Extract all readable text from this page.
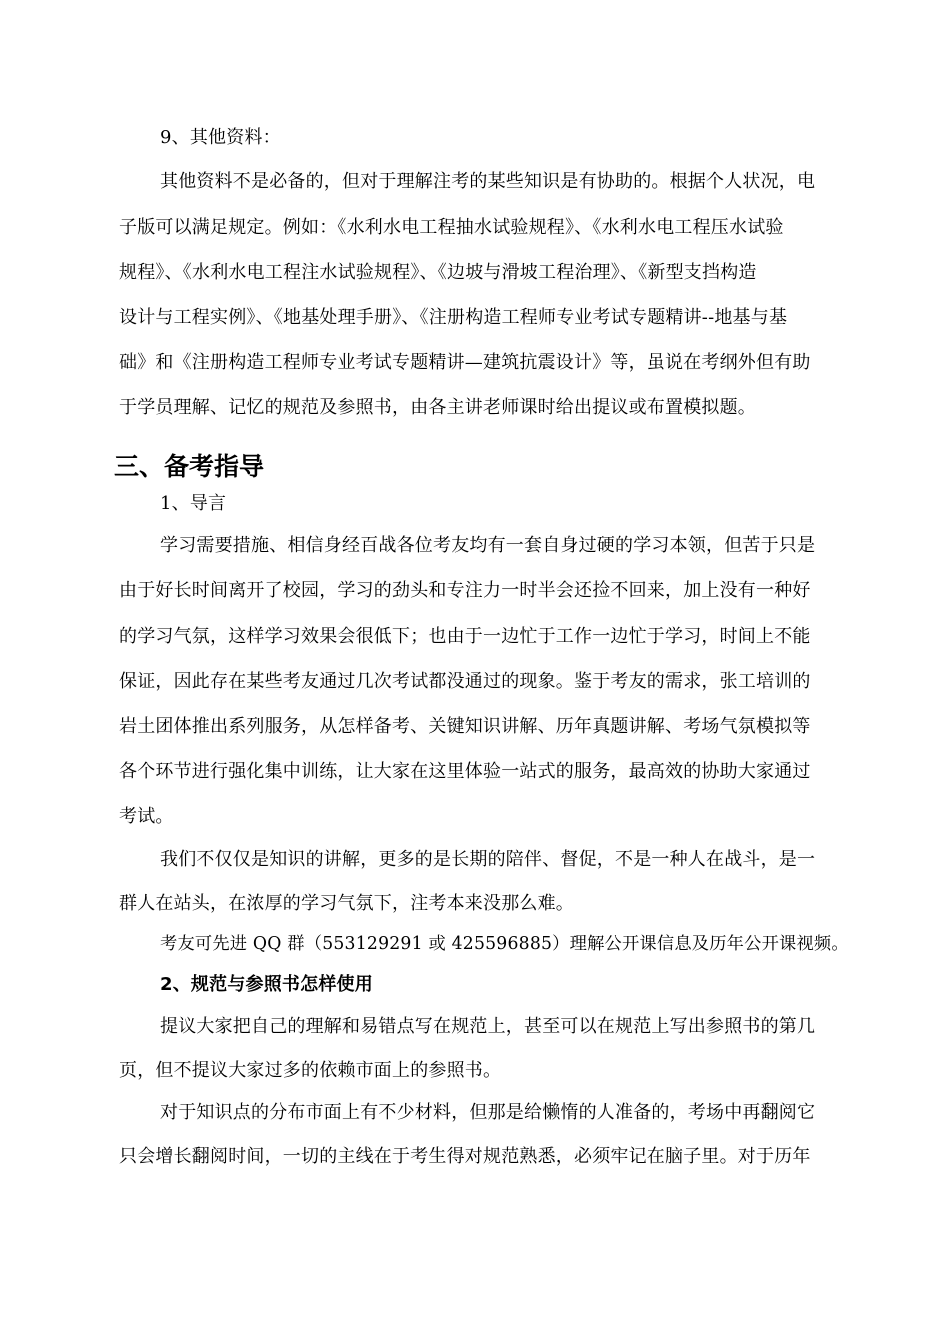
9、其他资料：
其他资料不是必备的，但对于理解注考的某些知识是有协助的。根据个人状况，电
子版可以满足规定。例如：《水利水电工程抽水试验规程》、《水利水电工程压水试验
规程》、《水利水电工程注水试验规程》、《边坡与滑坡工程治理》、《新型支挡构造
设计与工程实例》、《地基处理手册》、《注册构造工程师专业考试专题精讲--地基与基
础》和《注册构造工程师专业考试专题精讲—建筑抗震设计》等，虽说在考纲外但有助
于学员理解、记忆的规范及参照书，由各主讲老师课时给出提议或布置模拟题。
三、备考指导
1、导言
学习需要措施、相信身经百战各位考友均有一套自身过硬的学习本领，但苦于只是
由于好长时间离开了校园，学习的劲头和专注力一时半会还捡不回来，加上没有一种好
的学习气氛，这样学习效果会很低下；也由于一边忙于工作一边忙于学习，时间上不能
保证，因此存在某些考友通过几次考试都没通过的现象。鉴于考友的需求，张工培训的
岩土团体推出系列服务，从怎样备考、关键知识讲解、历年真题讲解、考场气氛模拟等
各个环节进行强化集中训练，让大家在这里体验一站式的服务，最高效的协助大家通过
考试。
我们不仅仅是知识的讲解，更多的是长期的陪伴、督促，不是一种人在战斗，是一
群人在站头，在浓厚的学习气氛下，注考本来没那么难。
考友可先进 QQ 群（553129291 或 425596885）理解公开课信息及历年公开课视频。
2、规范与参照书怎样使用
提议大家把自己的理解和易错点写在规范上，甚至可以在规范上写出参照书的第几
页，但不提议大家过多的依赖市面上的参照书。
对于知识点的分布市面上有不少材料，但那是给懒惰的人准备的，考场中再翻阅它
只会增长翻阅时间，一切的主线在于考生得对规范熟悉，必须牢记在脑子里。对于历年
